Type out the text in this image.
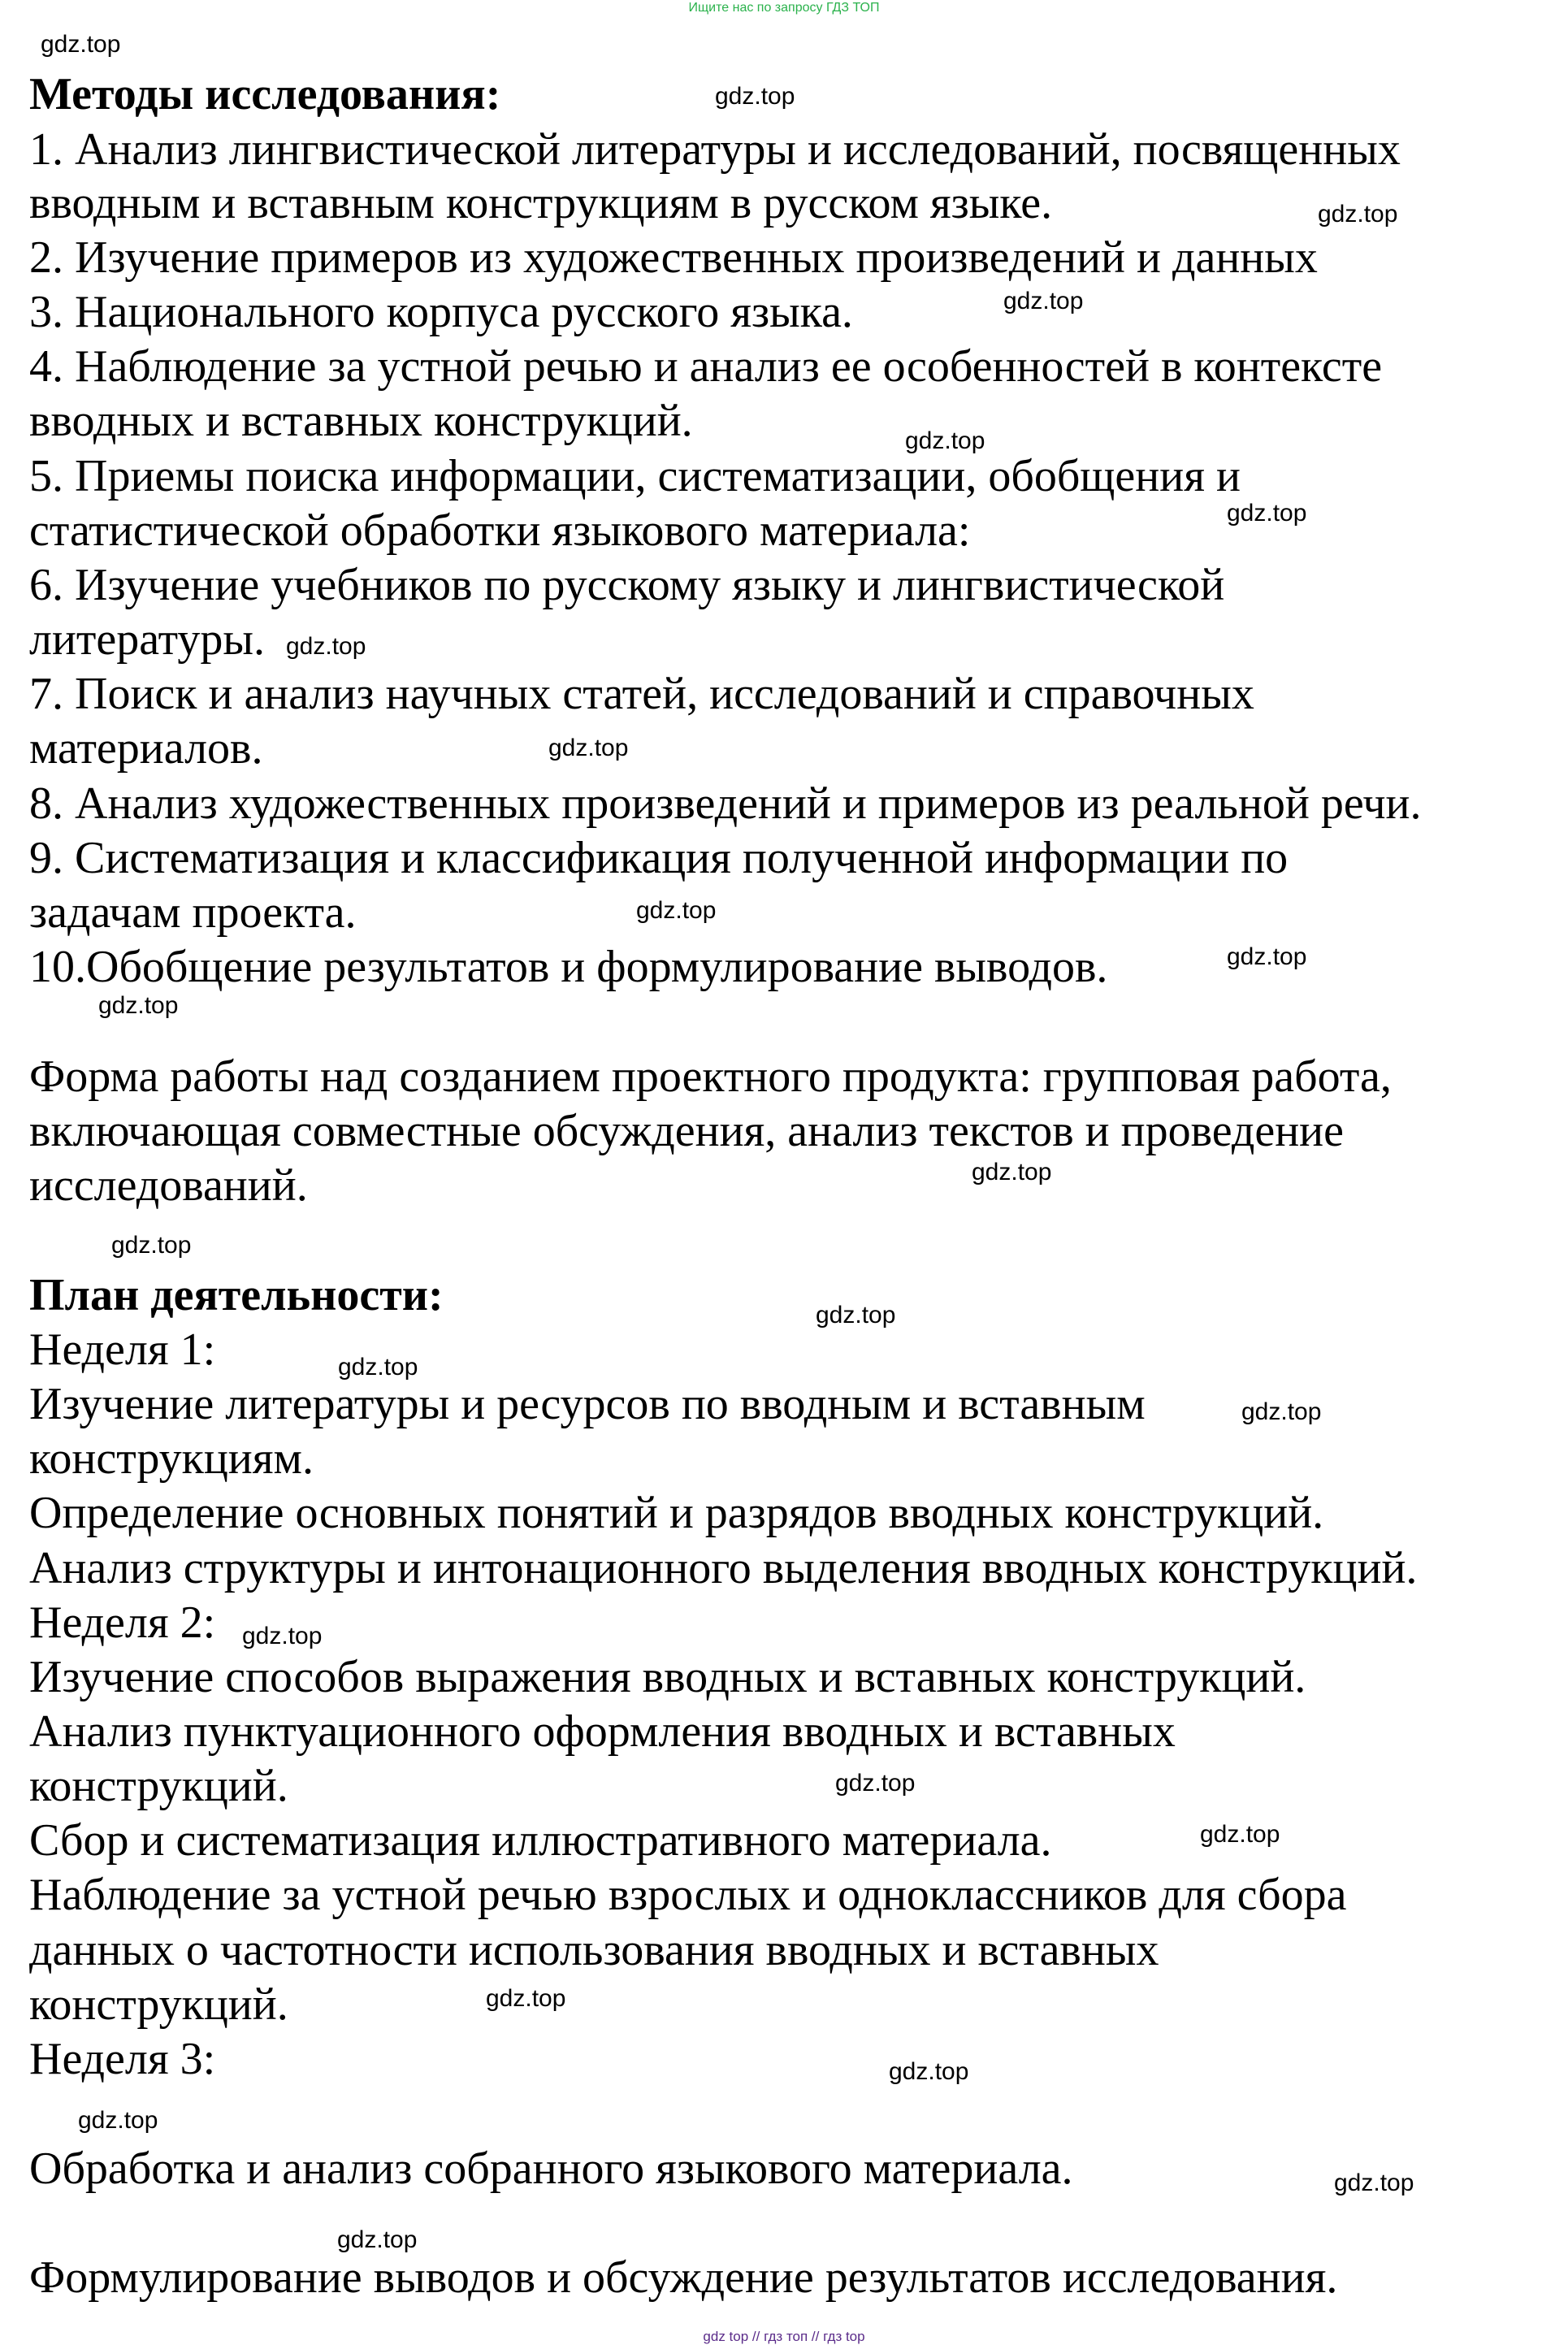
Ищите нас по запросу ГДЗ ТОП
Методы исследования:
1. Анализ лингвистической литературы и исследований, посвященных
вводным и вставным конструкциям в русском языке.
2. Изучение примеров из художественных произведений и данных
3. Национального корпуса русского языка.
4. Наблюдение за устной речью и анализ ее особенностей в контексте
вводных и вставных конструкций.
5. Приемы поиска информации, систематизации, обобщения и
статистической обработки языкового материала:
6. Изучение учебников по русскому языку и лингвистической
литературы.
7. Поиск и анализ научных статей, исследований и справочных
материалов.
8. Анализ художественных произведений и примеров из реальной речи.
9. Систематизация и классификация полученной информации по
задачам проекта.
10.Обобщение результатов и формулирование выводов.
Форма работы над созданием проектного продукта: групповая работа,
включающая совместные обсуждения, анализ текстов и проведение
исследований.
План деятельности:
Неделя 1:
Изучение литературы и ресурсов по вводным и вставным
конструкциям.
Определение основных понятий и разрядов вводных конструкций.
Анализ структуры и интонационного выделения вводных конструкций.
Неделя 2:
Изучение способов выражения вводных и вставных конструкций.
Анализ пунктуационного оформления вводных и вставных
конструкций.
Сбор и систематизация иллюстративного материала.
Наблюдение за устной речью взрослых и одноклассников для сбора
данных о частотности использования вводных и вставных
конструкций.
Неделя 3:
Обработка и анализ собранного языкового материала.
Формулирование выводов и обсуждение результатов исследования.
gdz.top
gdz.top
gdz.top
gdz.top
gdz.top
gdz.top
gdz.top
gdz.top
gdz.top
gdz.top
gdz.top
gdz.top
gdz.top
gdz.top
gdz.top
gdz.top
gdz.top
gdz.top
gdz.top
gdz.top
gdz.top
gdz.top
gdz.top
gdz.top
gdz top // гдз топ // гдз top
